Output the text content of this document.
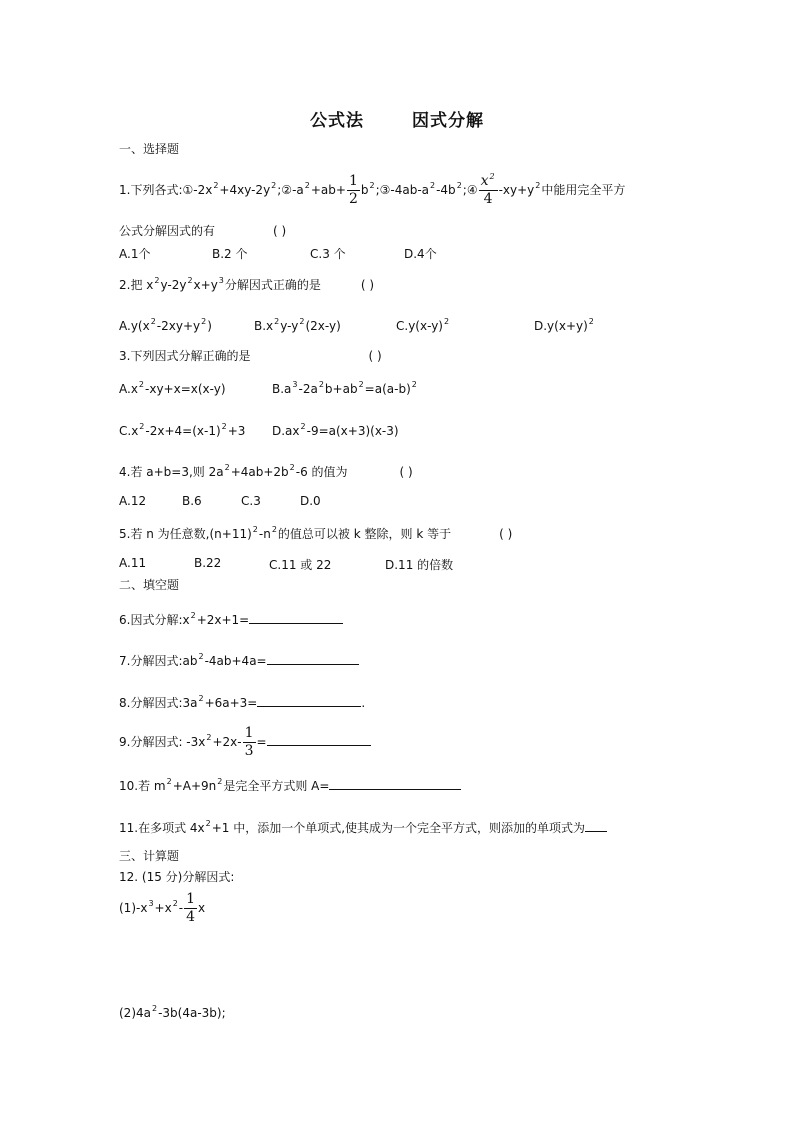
公式法	因式分解
一、选择题
1.下列各式$:①-2x^2+4xy-2y^2;②-a^2+ab+ \frac{1}{2}$ $b^2;③-4ab-a^2-4b^2;④ \frac{x^2}{4} -xy+y^2$中能用完全平方
公式分解因式的有	( )
A.1个	B.2 个	C.3 个	D.4个
2.把 $x^2y-2y^2x+y^3$分解因式正确的是	( )
$A.y(x^2-2xy+y^2)$	$B.x^2y-y^2(2x-y)$	$C.y(x-y)^2$	$D.y(x+y)^2$
3.下列因式分解正确的是	( )
$A.x^2-xy+x=x(x-y)$	$B.a^3-2a^2b+ab^2=a(a-b)^2$
$C.x^2-2x+4=(x-1)^2+3$ $D.ax^2-9=a(x+3)(x-3)$
4.若 a+b=3,则 $2a^2+4ab+2b^2-6$ 的值为	( )
A.12	B.6	C.3	D.0
5.若 n 为任意数$,(n+11)^2-n^2$的值总可以被 k 整除，则 k 等于	( )
A.11	B.22	C.11 或 22	D.11 的倍数
二、填空题
6.因式分解$:x^2+2x+1=$
7.分解因式$:ab^2-4ab+4a=$
8.分解因式$:3a^2+6a+3=$	.
9.分解因式: $-3x^2+2x- \frac{1}{3}$ =
10.若 $m^2+A+9n^2$是完全平方式则 A=
11.在多项式 $4x^2+1$ 中，添加一个单项式,使其成为一个完全平方式，则添加的单项式为
三、计算题
12. (15 分)分解因式:
$(1)-x^3+x^2- \frac{1}{4}$ x
$(2)4a^2-3b(4a-3b)$;
